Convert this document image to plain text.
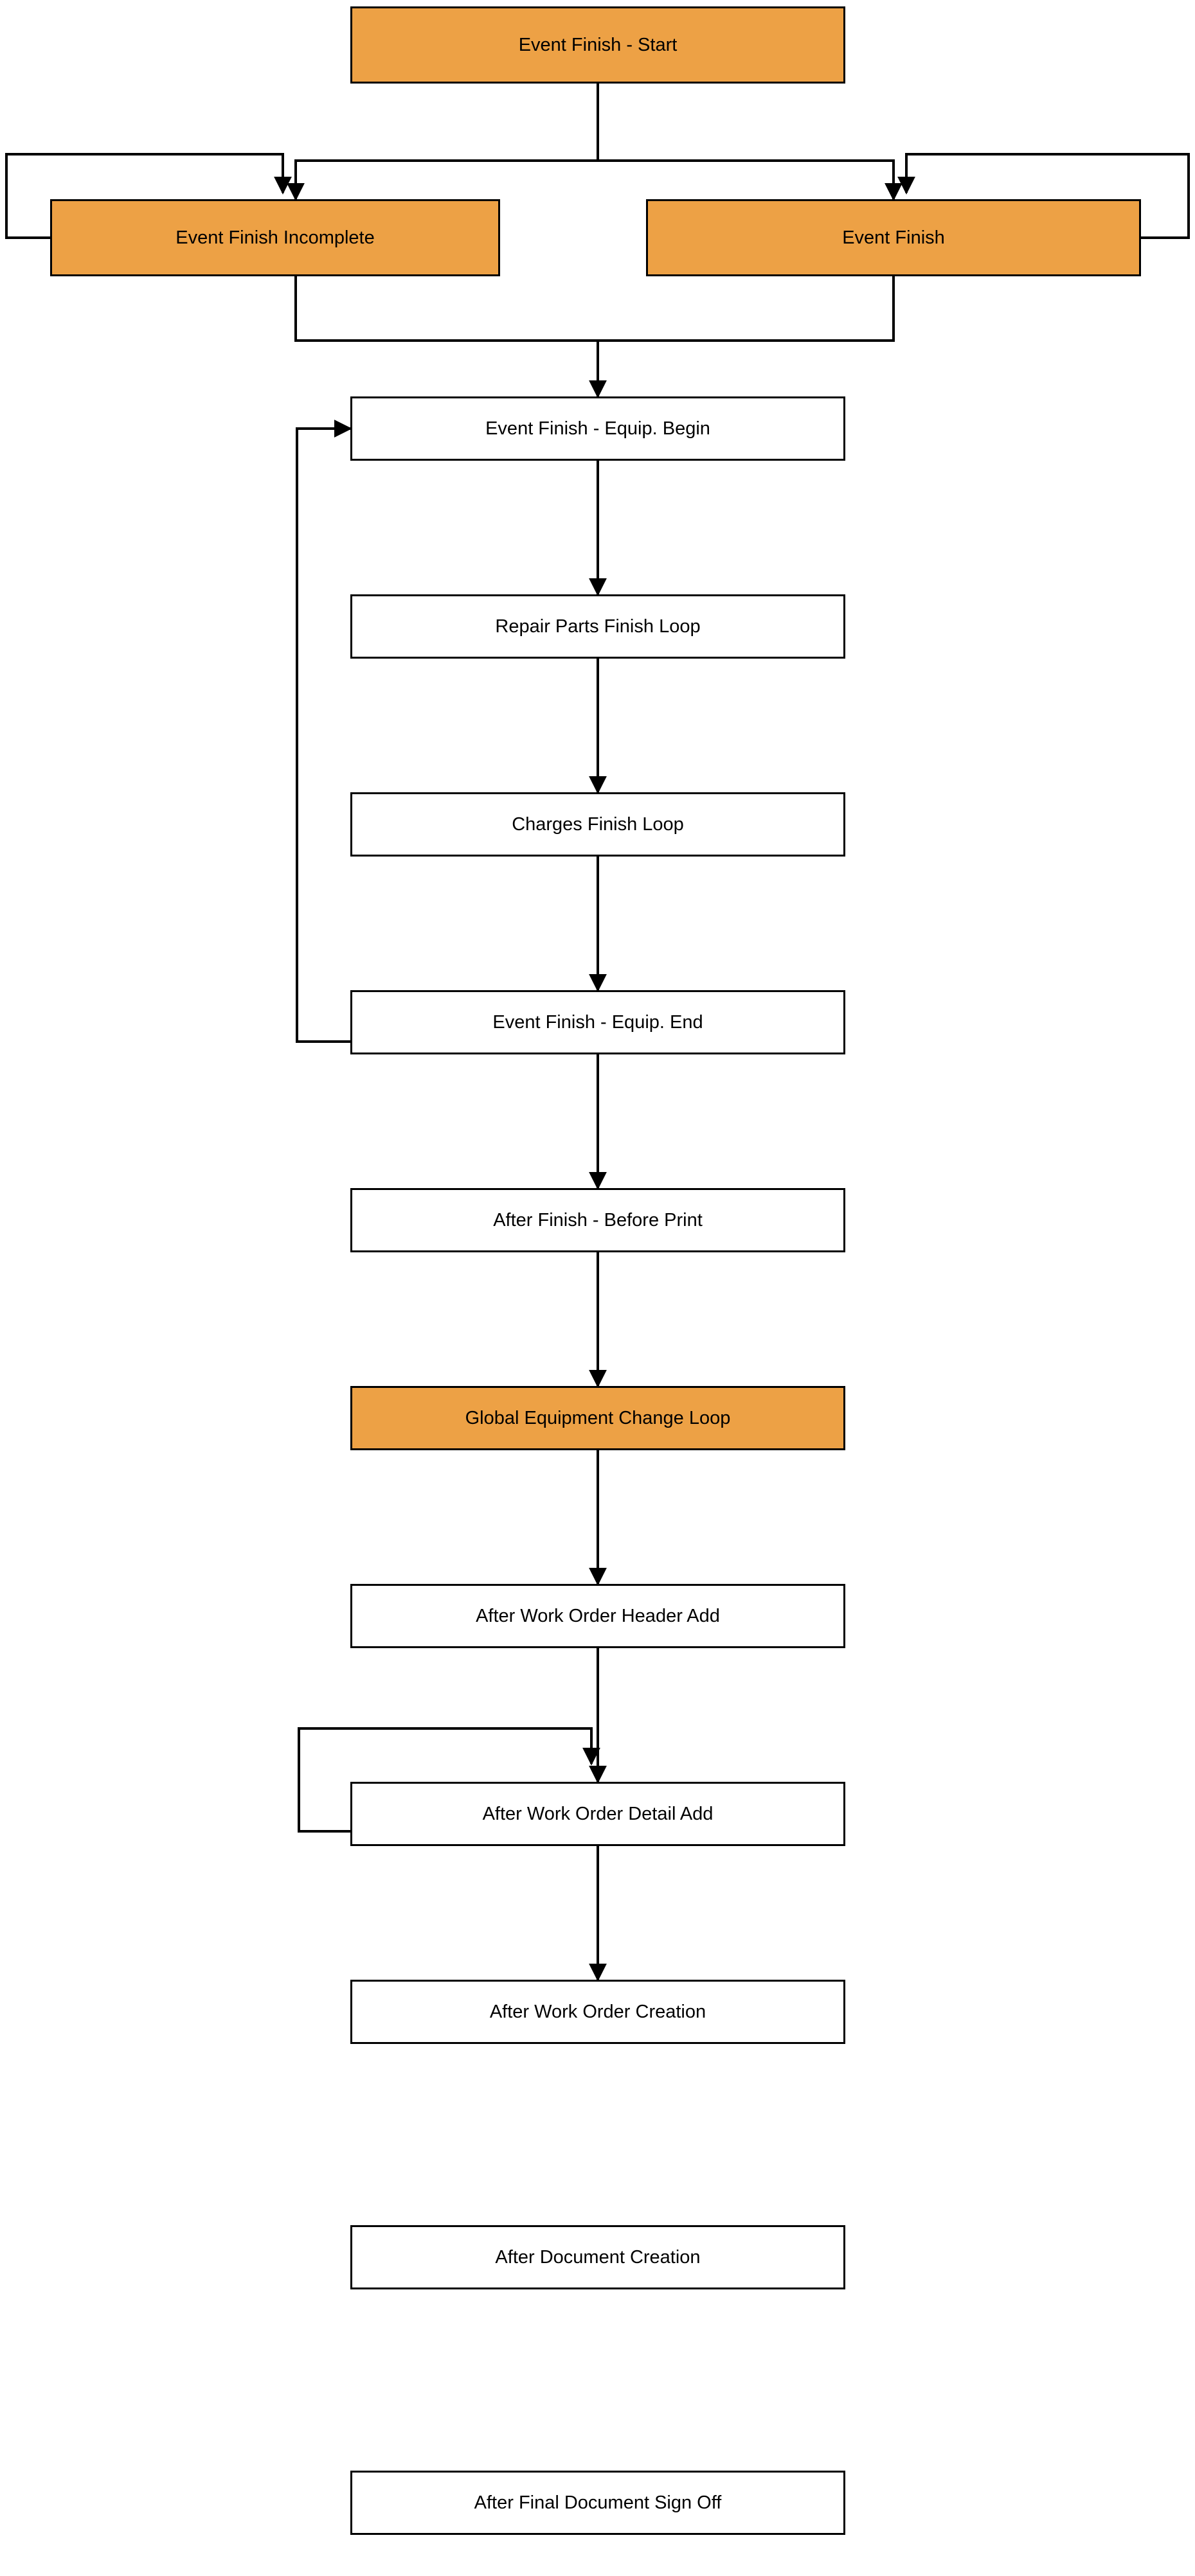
Event Finish - Start
Event Finish Incomplete	Event Finish
Event Finish - Equip. Begin
Repair Parts Finish Loop
Charges Finish Loop
Event Finish - Equip. End
After Finish - Before Print
Global Equipment Change Loop
After Work Order Header Add
After Work Order Detail Add
After Work Order Creation
After Document Creation
After Final Document Sign Off
